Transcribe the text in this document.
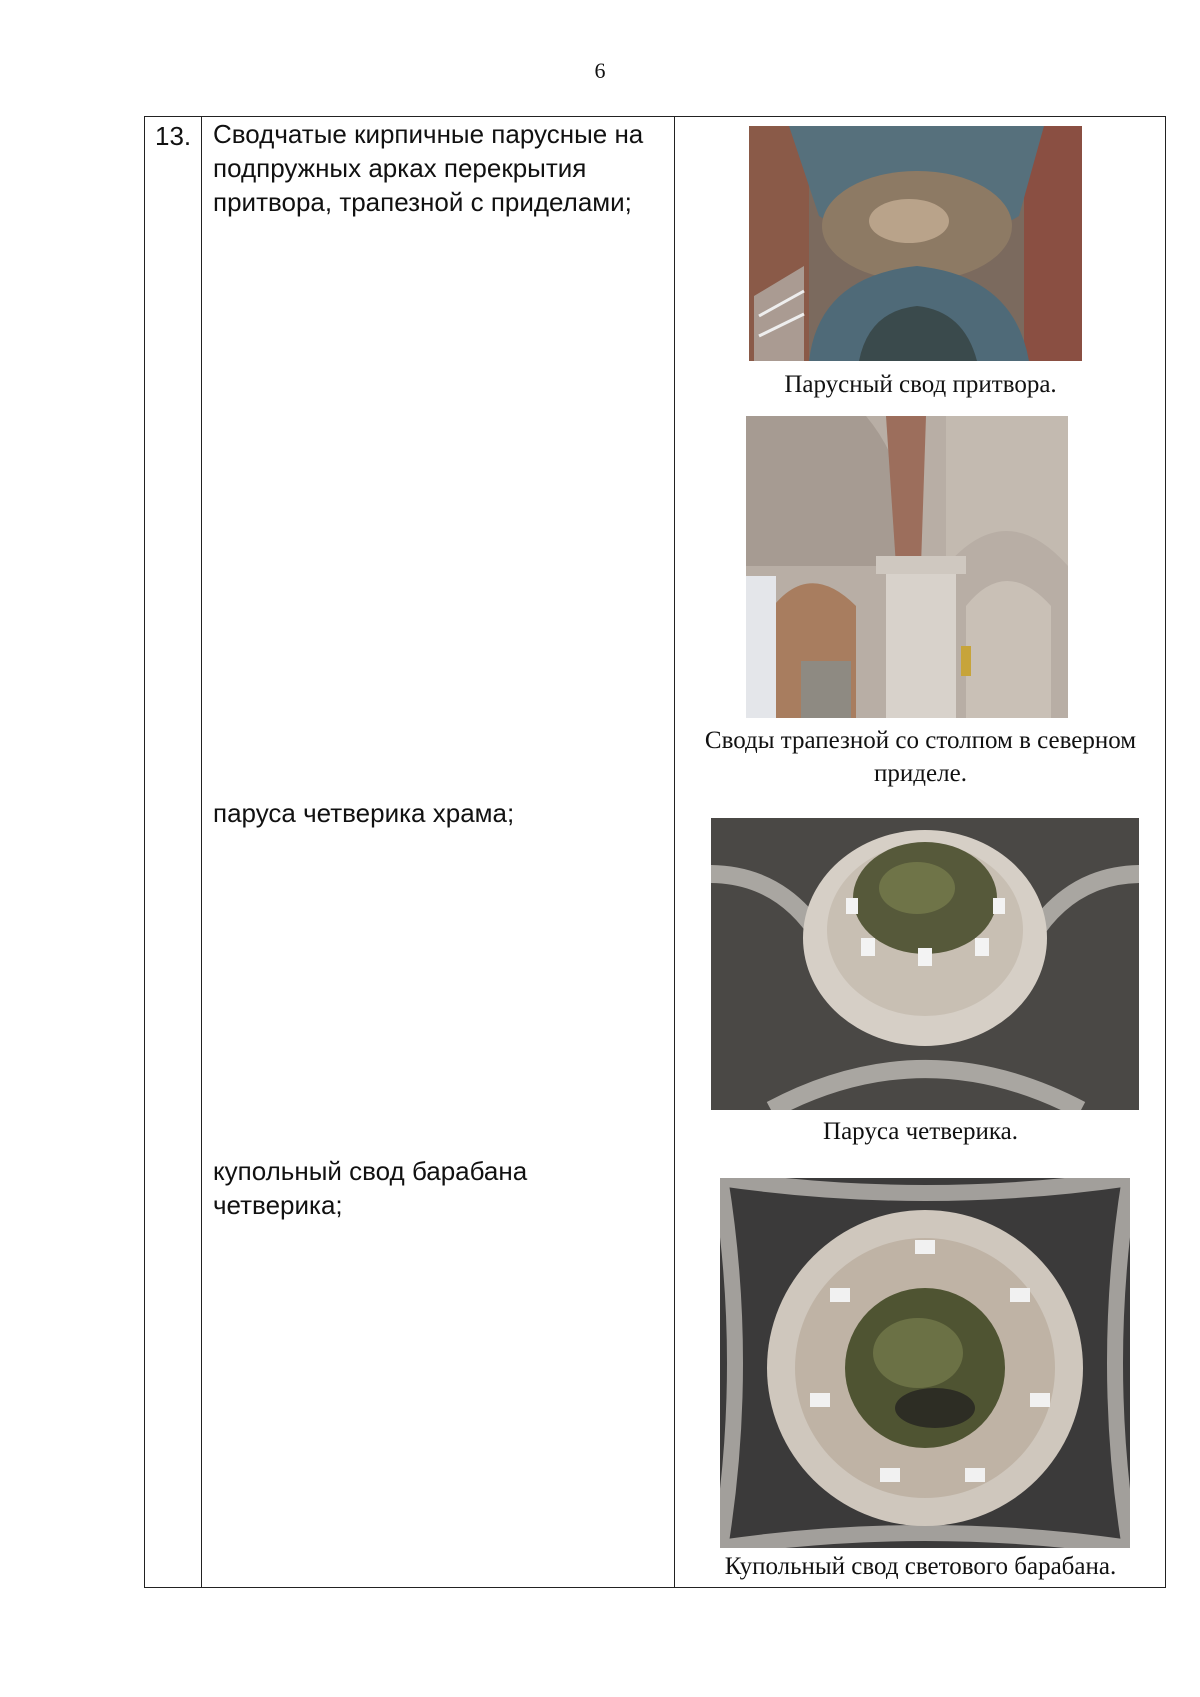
6
13. Сводчатые кирпичные парусные на подпружных арках перекрытия притвора, трапезной с приделами;
паруса четверика храма;
купольный свод барабана четверика;
Парусный свод притвора.
Своды трапезной со столпом в северном приделе.
Паруса четверика.
Купольный свод светового барабана.
